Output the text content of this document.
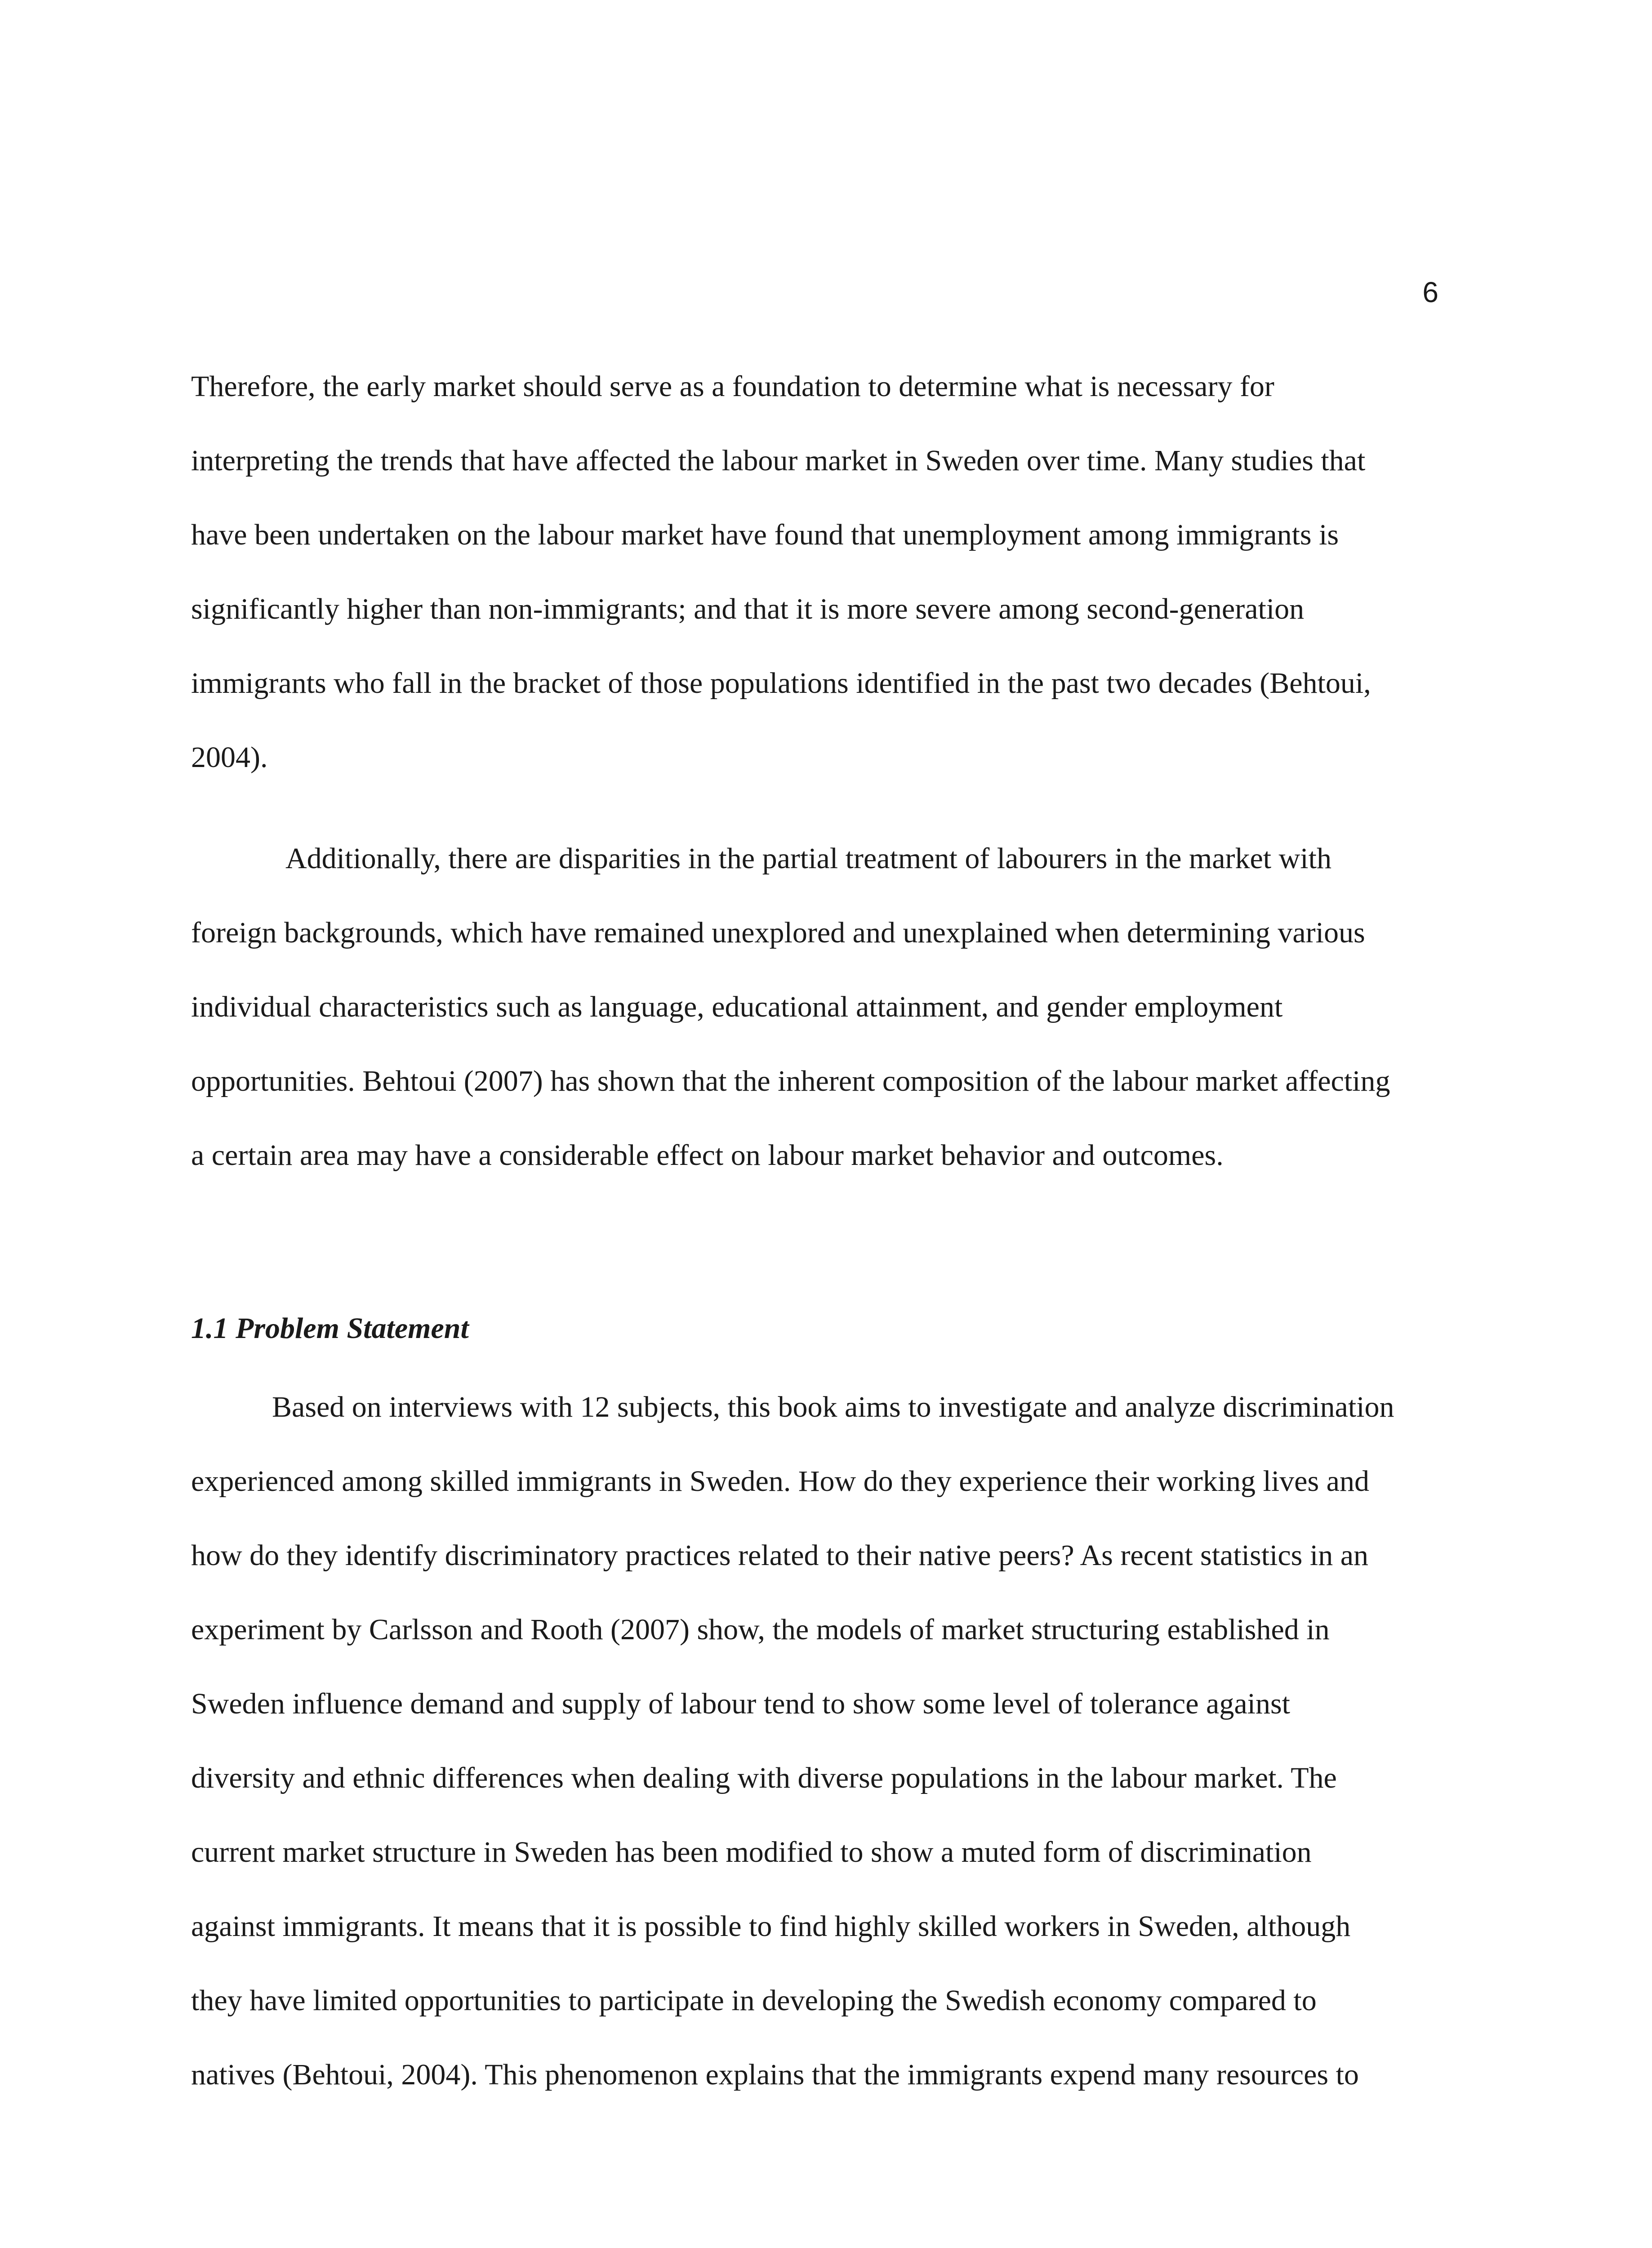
6
Therefore, the early market should serve as a foundation to determine what is necessary for
interpreting the trends that have affected the labour market in Sweden over time. Many studies that
have been undertaken on the labour market have found that unemployment among immigrants is
significantly higher than non-immigrants; and that it is more severe among second-generation
immigrants who fall in the bracket of those populations identified in the past two decades (Behtoui,
2004).
Additionally, there are disparities in the partial treatment of labourers in the market with
foreign backgrounds, which have remained unexplored and unexplained when determining various
individual characteristics such as language, educational attainment, and gender employment
opportunities. Behtoui (2007) has shown that the inherent composition of the labour market affecting
a certain area may have a considerable effect on labour market behavior and outcomes.
1.1 Problem Statement
Based on interviews with 12 subjects, this book aims to investigate and analyze discrimination
experienced among skilled immigrants in Sweden. How do they experience their working lives and
how do they identify discriminatory practices related to their native peers? As recent statistics in an
experiment by Carlsson and Rooth (2007) show, the models of market structuring established in
Sweden influence demand and supply of labour tend to show some level of tolerance against
diversity and ethnic differences when dealing with diverse populations in the labour market. The
current market structure in Sweden has been modified to show a muted form of discrimination
against immigrants. It means that it is possible to find highly skilled workers in Sweden, although
they have limited opportunities to participate in developing the Swedish economy compared to
natives (Behtoui, 2004). This phenomenon explains that the immigrants expend many resources to
